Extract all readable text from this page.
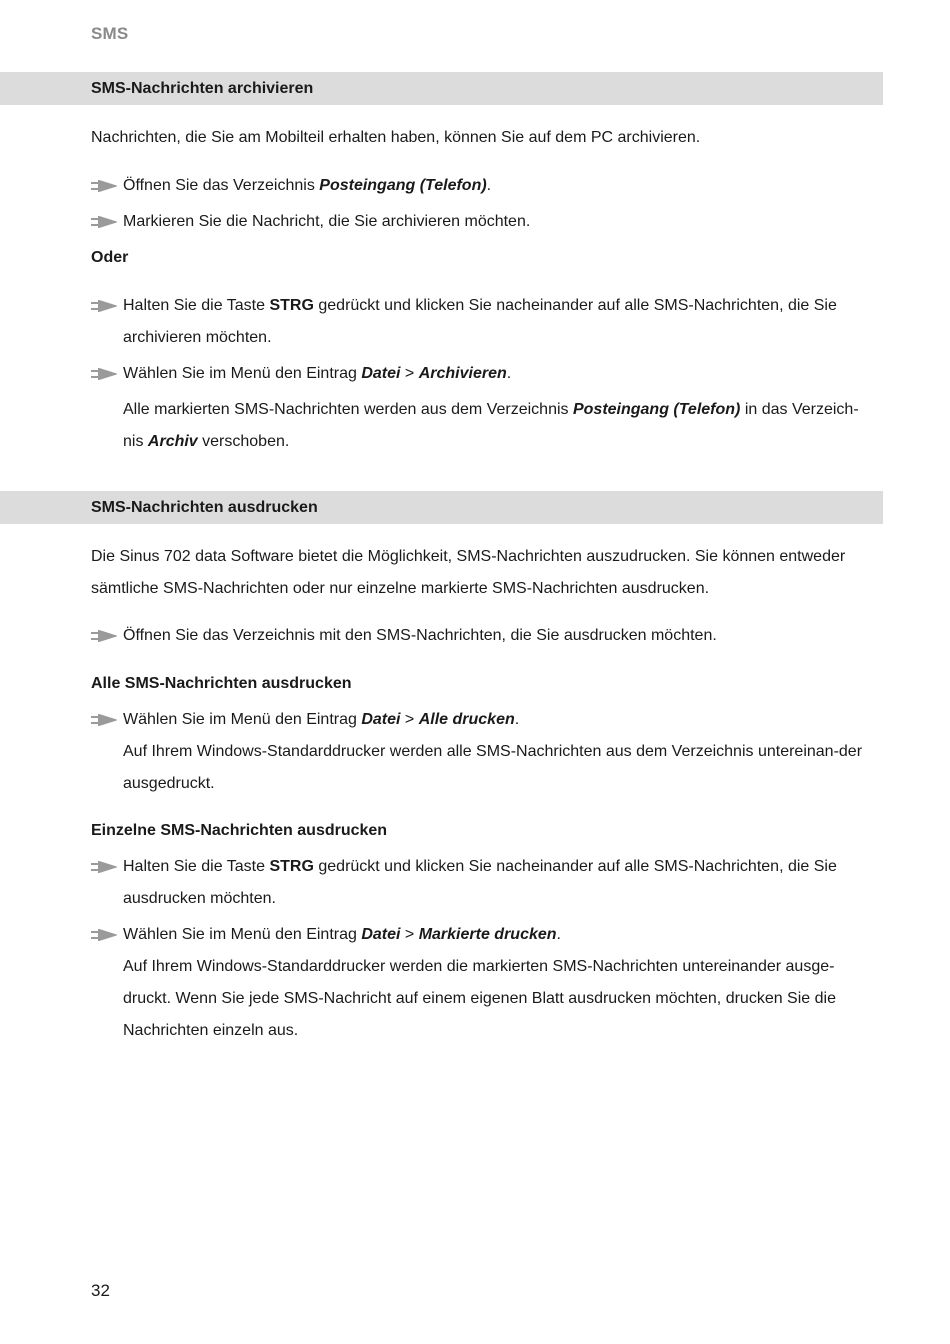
SMS
SMS-Nachrichten archivieren
Nachrichten, die Sie am Mobilteil erhalten haben, können Sie auf dem PC archivieren.
Öffnen Sie das Verzeichnis Posteingang (Telefon).
Markieren Sie die Nachricht, die Sie archivieren möchten.
Oder
Halten Sie die Taste STRG gedrückt und klicken Sie nacheinander auf alle SMS-Nachrichten, die Sie archivieren möchten.
Wählen Sie im Menü den Eintrag Datei > Archivieren.
Alle markierten SMS-Nachrichten werden aus dem Verzeichnis Posteingang (Telefon) in das Verzeich-nis Archiv verschoben.
SMS-Nachrichten ausdrucken
Die Sinus 702 data Software bietet die Möglichkeit, SMS-Nachrichten auszudrucken. Sie können entweder sämtliche SMS-Nachrichten oder nur einzelne markierte SMS-Nachrichten ausdrucken.
Öffnen Sie das Verzeichnis mit den SMS-Nachrichten, die Sie ausdrucken möchten.
Alle SMS-Nachrichten ausdrucken
Wählen Sie im Menü den Eintrag Datei > Alle drucken.
Auf Ihrem Windows-Standarddrucker werden alle SMS-Nachrichten aus dem Verzeichnis untereinan-der ausgedruckt.
Einzelne SMS-Nachrichten ausdrucken
Halten Sie die Taste STRG gedrückt und klicken Sie nacheinander auf alle SMS-Nachrichten, die Sie ausdrucken möchten.
Wählen Sie im Menü den Eintrag Datei > Markierte drucken.
Auf Ihrem Windows-Standarddrucker werden die markierten SMS-Nachrichten untereinander ausge-druckt. Wenn Sie jede SMS-Nachricht auf einem eigenen Blatt ausdrucken möchten, drucken Sie die Nachrichten einzeln aus.
32
